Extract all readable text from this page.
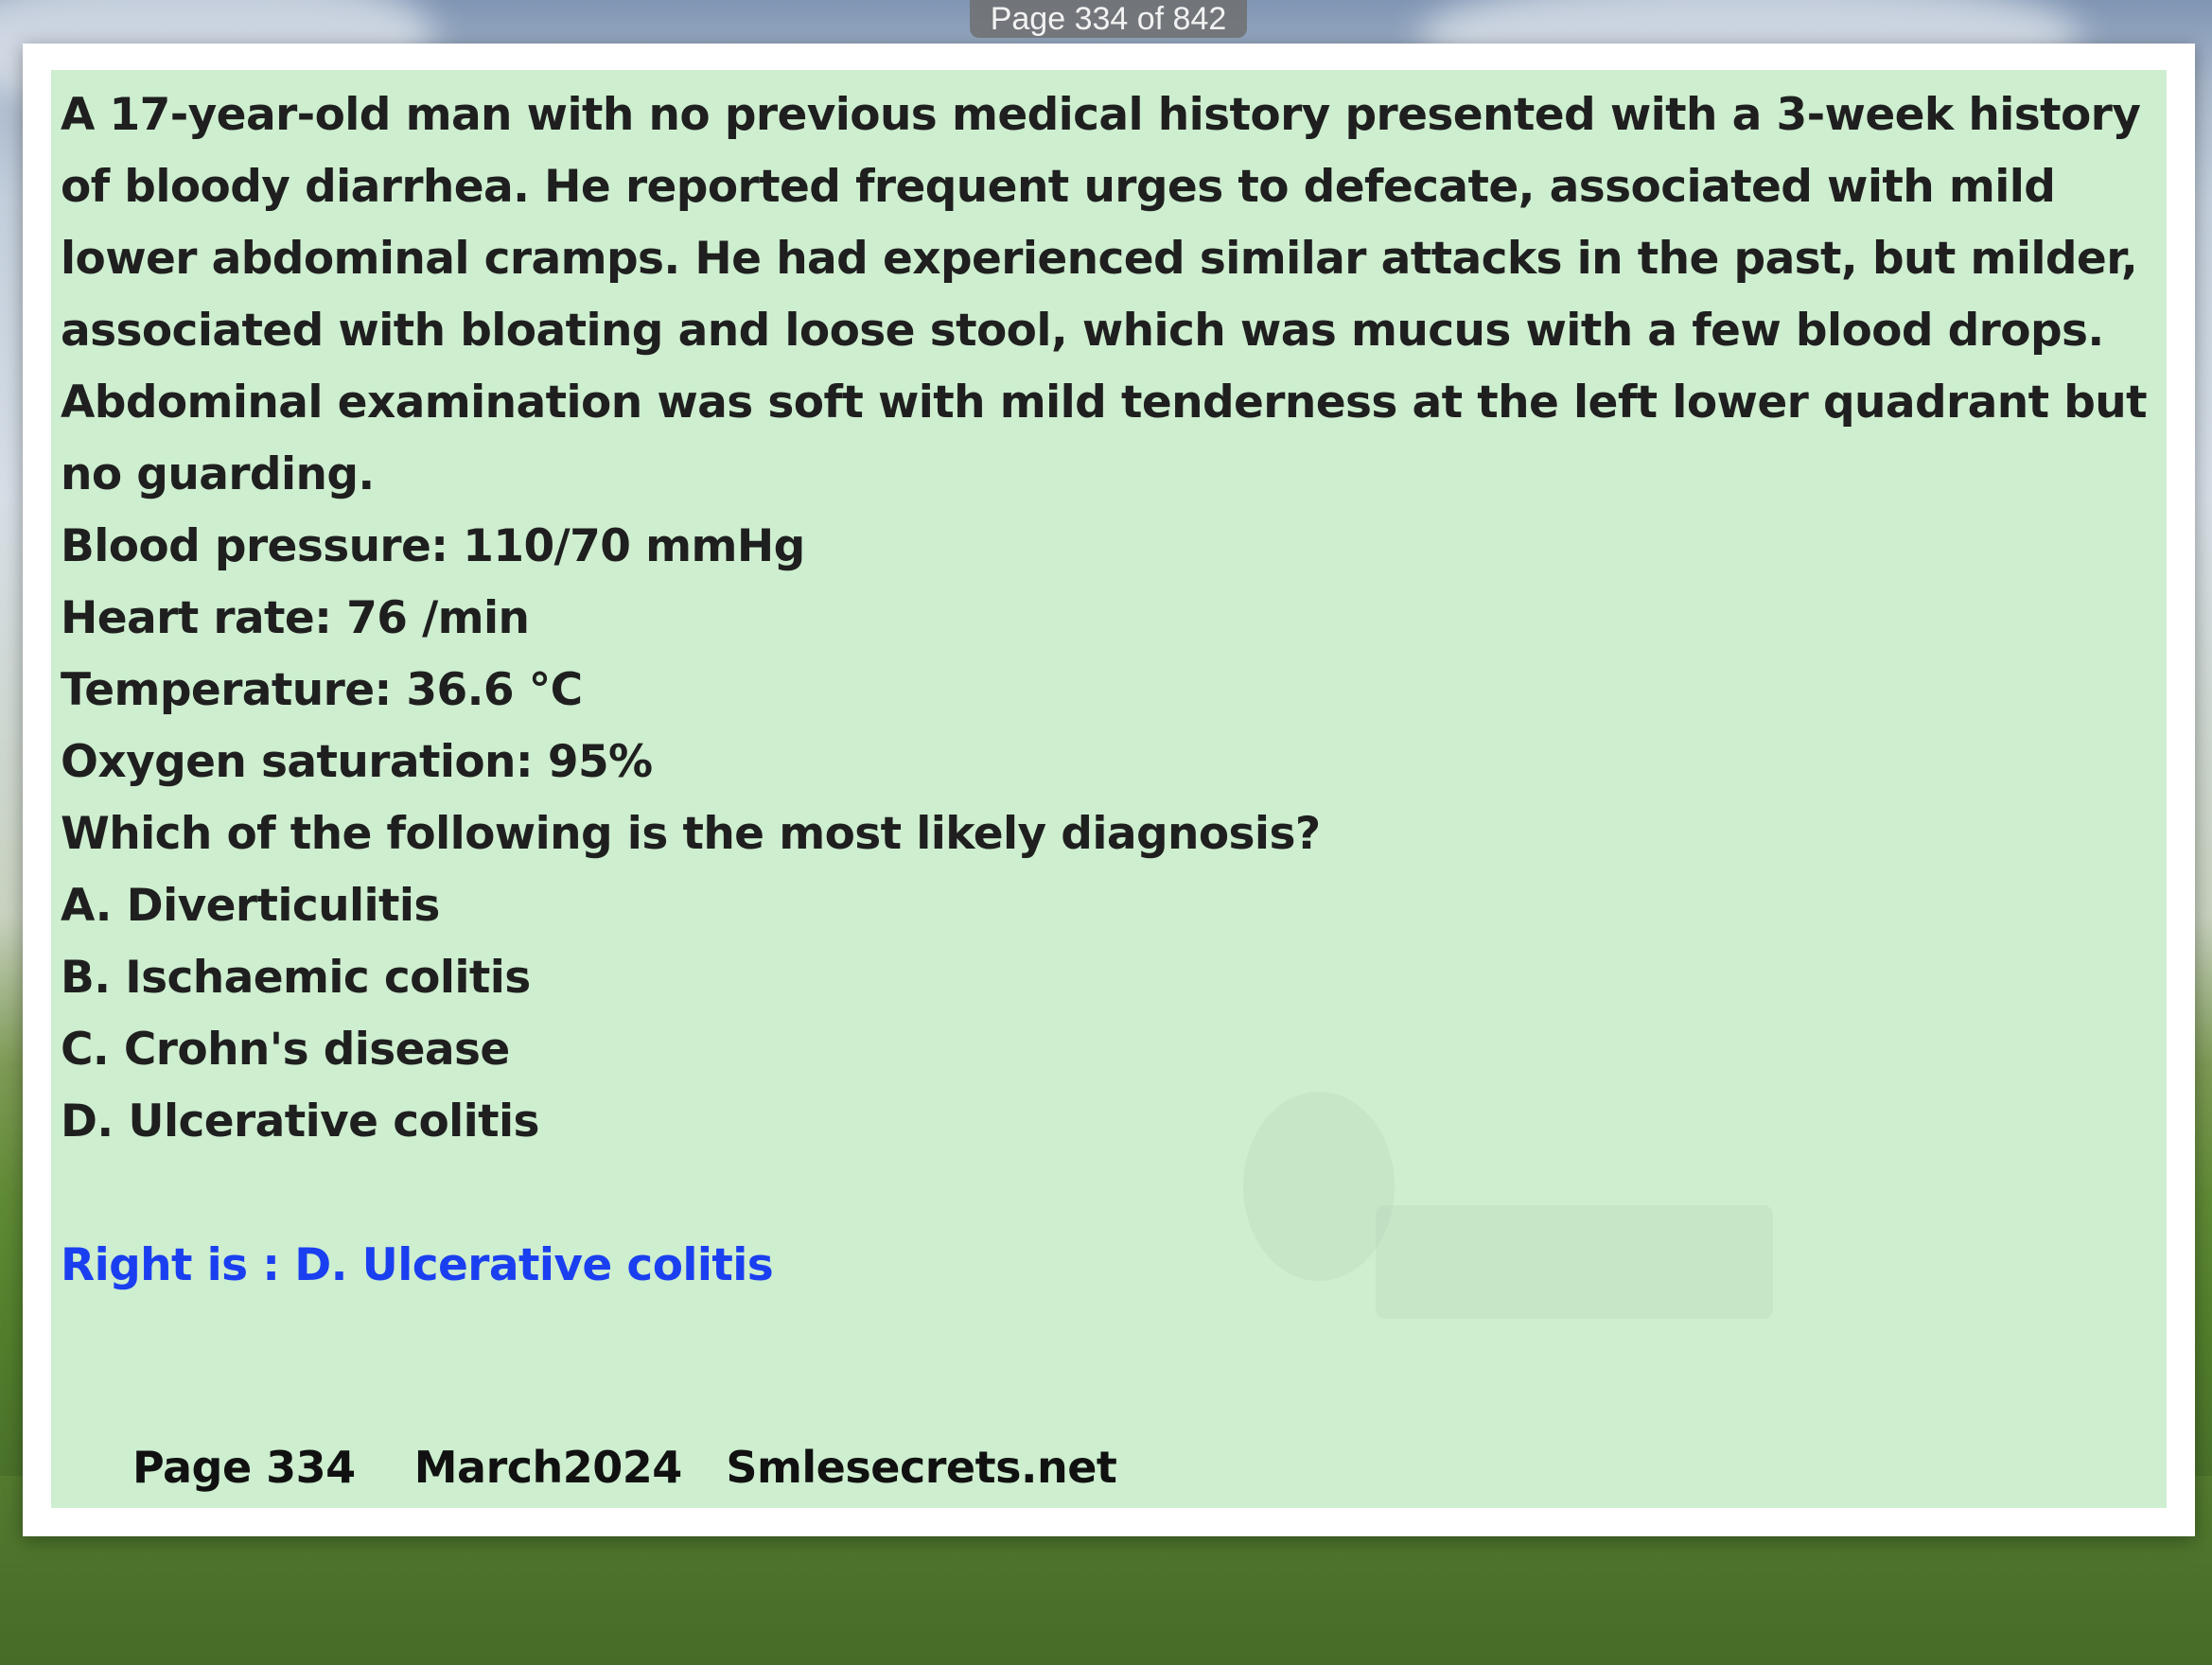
A 17-year-old man with no previous medical history presented with a 3-week history of bloody diarrhea. He reported frequent urges to defecate, associated with mild lower abdominal cramps. He had experienced similar attacks in the past, but milder, associated with bloating and loose stool, which was mucus with a few blood drops. Abdominal examination was soft with mild tenderness at the left lower quadrant but no guarding.
Blood pressure: 110/70 mmHg
Heart rate: 76 /min
Temperature: 36.6 °C
Oxygen saturation: 95%
Which of the following is the most likely diagnosis?
A. Diverticulitis
B. Ischaemic colitis
C. Crohn's disease
D. Ulcerative colitis
Right is : D. Ulcerative colitis
Page 334 March2024 Smlesecrets.net
Page 334 of 842
